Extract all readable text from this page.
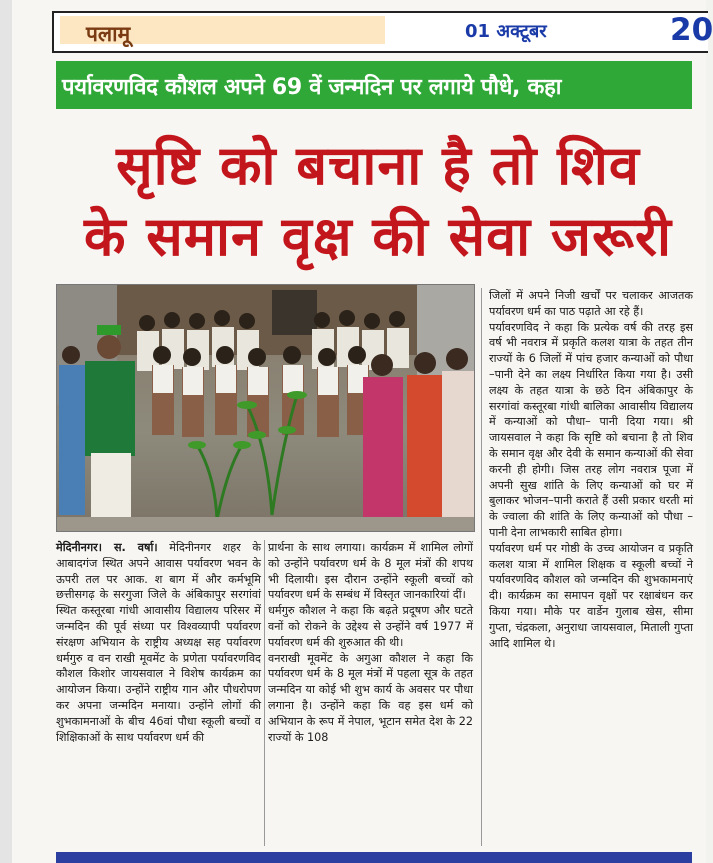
पलामू	01 अक्टूबर	20
पर्यावरणविद कौशल अपने 69 वें जन्मदिन पर लगाये पौधे, कहा
सृष्टि को बचाना है तो शिव
के समान वृक्ष की सेवा जरूरी

मेदिनीनगर। स. वर्षा। मेदिनीनगर शहर के आबादगंज स्थित अपने आवास पर्यावरण भवन के ऊपरी तल पर आक. श बाग में और कर्मभूमि छत्तीसगढ़ के सरगुजा जिले के अंबिकापुर सरगांवां स्थित कस्तूरबा गांधी आवासीय विद्यालय परिसर में जन्मदिन की पूर्व संध्या पर विश्वव्यापी पर्यावरण संरक्षण अभियान के राष्ट्रीय अध्यक्ष सह पर्यावरण धर्मगुरु व वन राखी मूवमेंट के प्रणेता पर्यावरणविद कौशल किशोर जायसवाल ने विशेष कार्यक्रम का आयोजन किया। उन्होंने राष्ट्रीय गान और पौधरोपण कर अपना जन्मदिन मनाया। उन्होंने लोगों की शुभकामनाओं के बीच 46वां पौधा स्कूली बच्चों व शिक्षिकाओं के साथ पर्यावरण धर्म की

प्रार्थना के साथ लगाया। कार्यक्रम में शामिल लोगों को उन्होंने पर्यावरण धर्म के 8 मूल मंत्रों की शपथ भी दिलायी। इस दौरान उन्होंने स्कूली बच्चों को पर्यावरण धर्म के सम्बंध में विस्तृत जानकारियां दीं।

धर्मगुरु कौशल ने कहा कि बढ़ते प्रदूषण और घटते वनों को रोकने के उद्देश्य से उन्होंने वर्ष 1977 में पर्यावरण धर्म की शुरुआत की थी।

वनराखी मूवमेंट के अगुआ कौशल ने कहा कि पर्यावरण धर्म के 8 मूल मंत्रों में पहला सूत्र के तहत जन्मदिन या कोई भी शुभ कार्य के अवसर पर पौधा लगाना है। उन्होंने कहा कि वह इस धर्म को अभियान के रूप में नेपाल, भूटान समेत देश के 22 राज्यों के 108

जिलों में अपने निजी खर्चों पर चलाकर आजतक पर्यावरण धर्म का पाठ पढ़ाते आ रहे हैं।

पर्यावरणविद ने कहा कि प्रत्येक वर्ष की तरह इस वर्ष भी नवरात्र में प्रकृति कलश यात्रा के तहत तीन राज्यों के 6 जिलों में पांच हजार कन्याओं को पौधा –पानी देने का लक्ष्य निर्धारित किया गया है। उसी लक्ष्य के तहत यात्रा के छठे दिन अंबिकापुर के सरगांवां कस्तूरबा गांधी बालिका आवासीय विद्यालय में कन्याओं को पौधा– पानी दिया गया। श्री जायसवाल ने कहा कि सृष्टि को बचाना है तो शिव के समान वृक्ष और देवी के समान कन्याओं की सेवा करनी ही होगी। जिस तरह लोग नवरात्र पूजा में अपनी सुख शांति के लिए कन्याओं को घर में बुलाकर भोजन–पानी कराते हैं उसी प्रकार धरती मां के ज्वाला की शांति के लिए कन्याओं को पौधा –पानी देना लाभकारी साबित होगा।

पर्यावरण धर्म पर गोष्ठी के उच्च आयोजन व प्रकृति कलश यात्रा में शामिल शिक्षक व स्कूली बच्चों ने पर्यावरणविद कौशल को जन्मदिन की शुभकामनाएं दी। कार्यक्रम का समापन वृक्षों पर रक्षाबंधन कर किया गया। मौके पर वार्डेन गुलाब खेस, सीमा गुप्ता, चंद्रकला, अनुराधा जायसवाल, मिताली गुप्ता आदि शामिल थे।
